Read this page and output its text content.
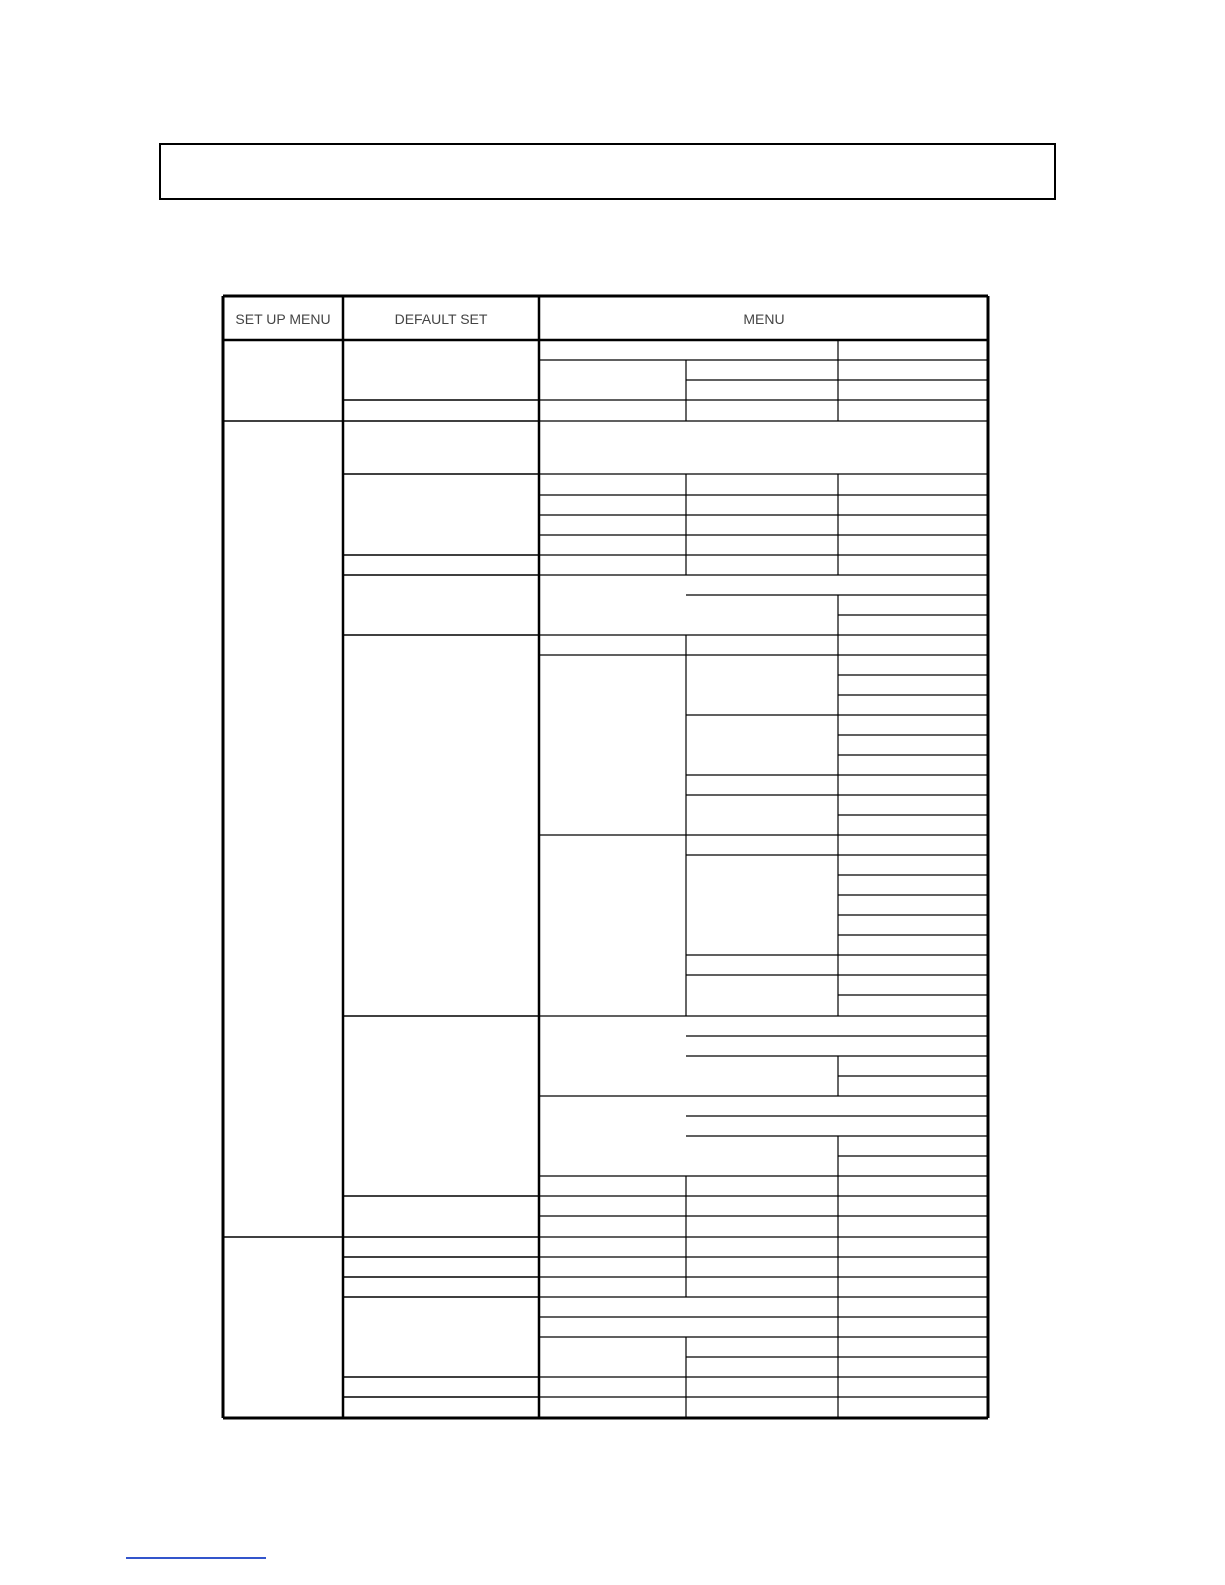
SET UP MENU	DEFAULT SET	MENU
